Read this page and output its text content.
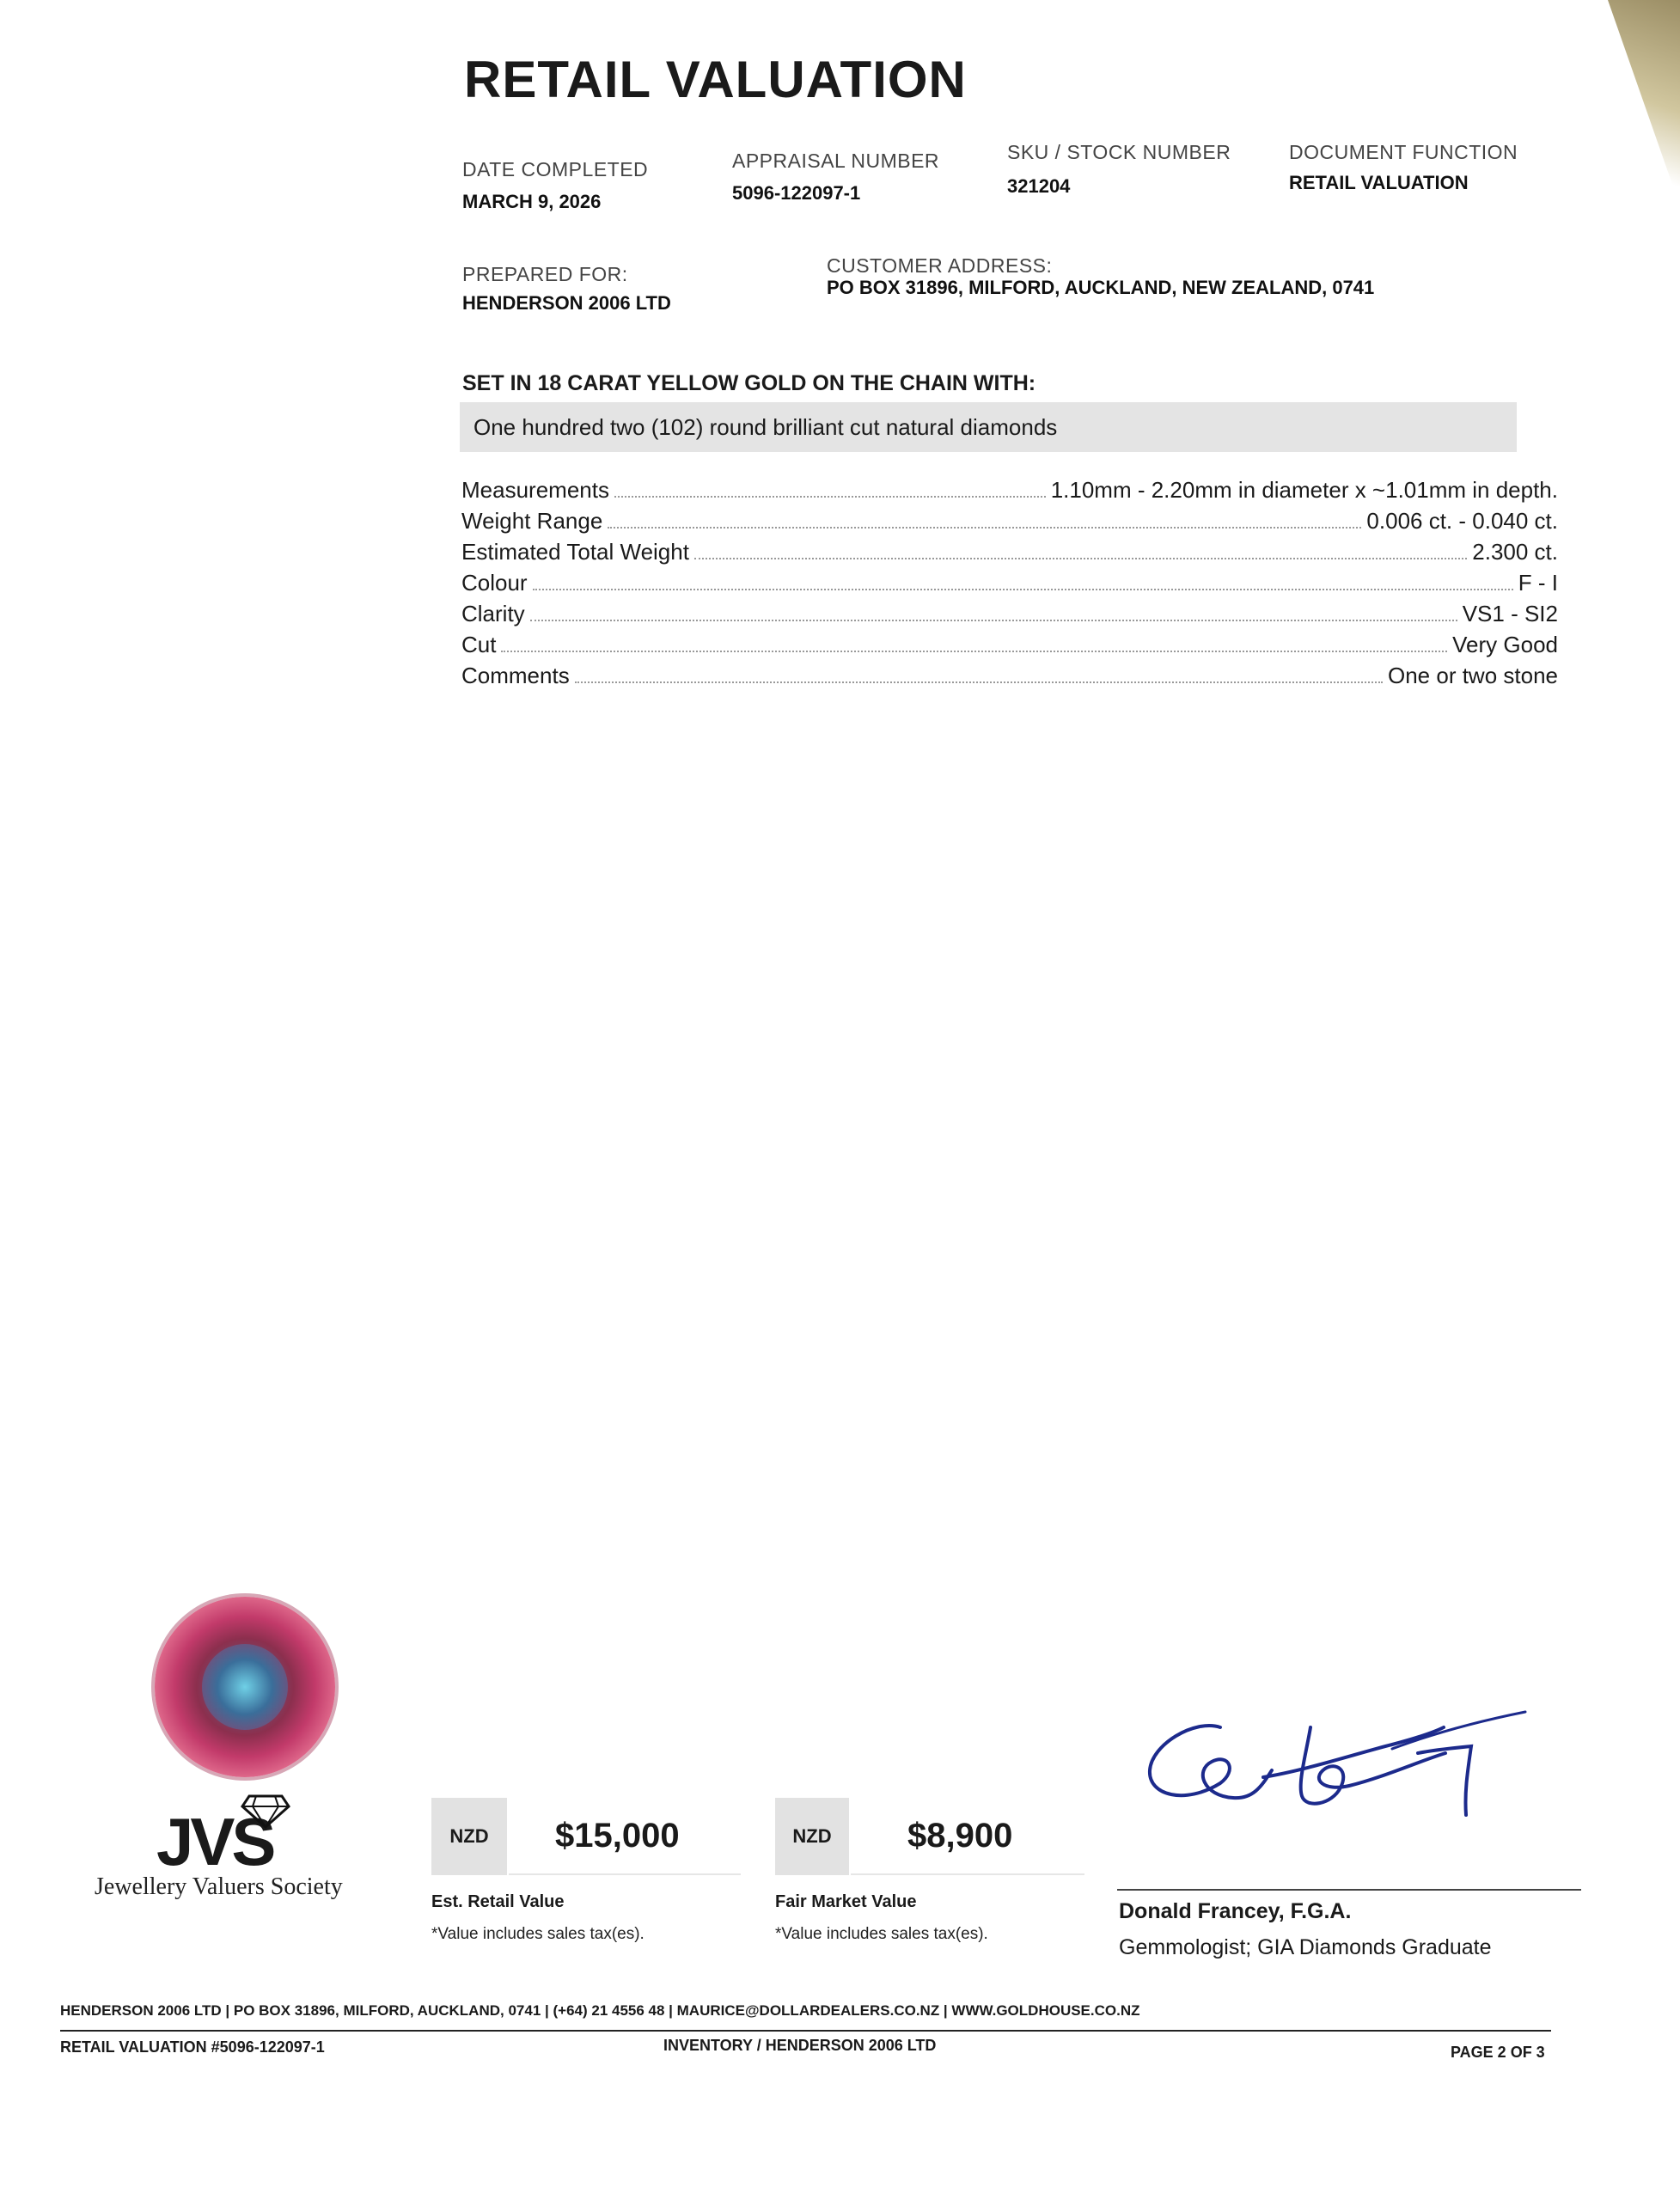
RETAIL VALUATION
DATE COMPLETED
MARCH 9, 2026
APPRAISAL NUMBER
5096-122097-1
SKU / STOCK NUMBER
321204
DOCUMENT FUNCTION
RETAIL VALUATION
PREPARED FOR:
HENDERSON 2006 LTD
CUSTOMER ADDRESS:
PO BOX 31896, MILFORD, AUCKLAND, NEW ZEALAND, 0741
SET IN 18 CARAT YELLOW GOLD ON THE CHAIN WITH:
One hundred two (102) round brilliant cut natural diamonds
Measurements	1.10mm - 2.20mm in diameter x ~1.01mm in depth.
Weight Range	0.006 ct. - 0.040 ct.
Estimated Total Weight	2.300 ct.
Colour	F - I
Clarity	VS1 - SI2
Cut	Very Good
Comments	One or two stone
JVS
Jewellery Valuers Society
NZD	$15,000
Est. Retail Value
*Value includes sales tax(es).
NZD	$8,900
Fair Market Value
*Value includes sales tax(es).
Donald Francey, F.G.A.
Gemmologist; GIA Diamonds Graduate
HENDERSON 2006 LTD | PO BOX 31896, MILFORD, AUCKLAND, 0741 | (+64) 21 4556 48 | MAURICE@DOLLARDEALERS.CO.NZ | WWW.GOLDHOUSE.CO.NZ
RETAIL VALUATION #5096-122097-1	INVENTORY / HENDERSON 2006 LTD	PAGE 2 OF 3
